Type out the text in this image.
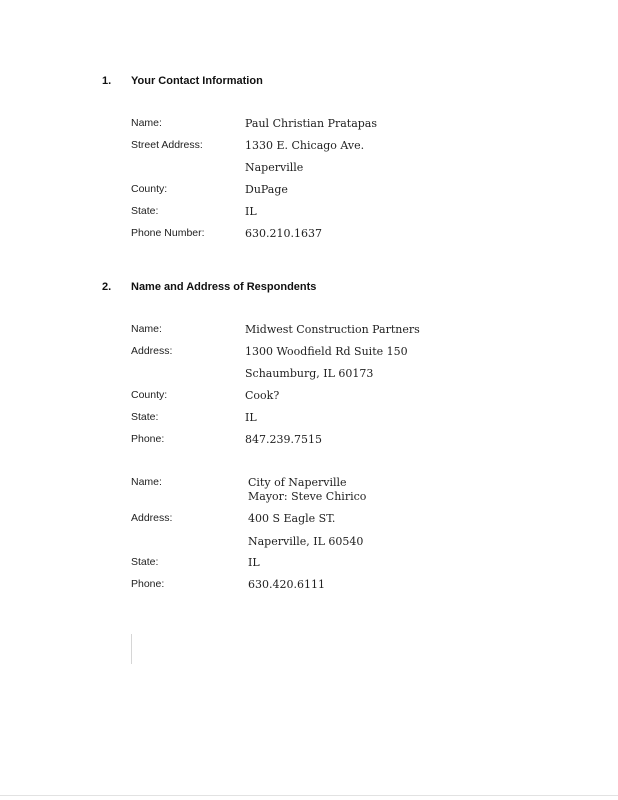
1. Your Contact Information
Name:	Paul Christian Pratapas
Street Address:	1330 E. Chicago Ave.
Naperville
County:	DuPage
State:	IL
Phone Number:	630.210.1637
2. Name and Address of Respondents
Name:	Midwest Construction Partners
Address:	1300 Woodfield Rd Suite 150
Schaumburg, IL 60173
County:	Cook?
State:	IL
Phone:	847.239.7515
Name:	City of Naperville
Mayor: Steve Chirico
Address:	400 S Eagle ST.
Naperville, IL 60540
State:	IL
Phone:	630.420.6111
